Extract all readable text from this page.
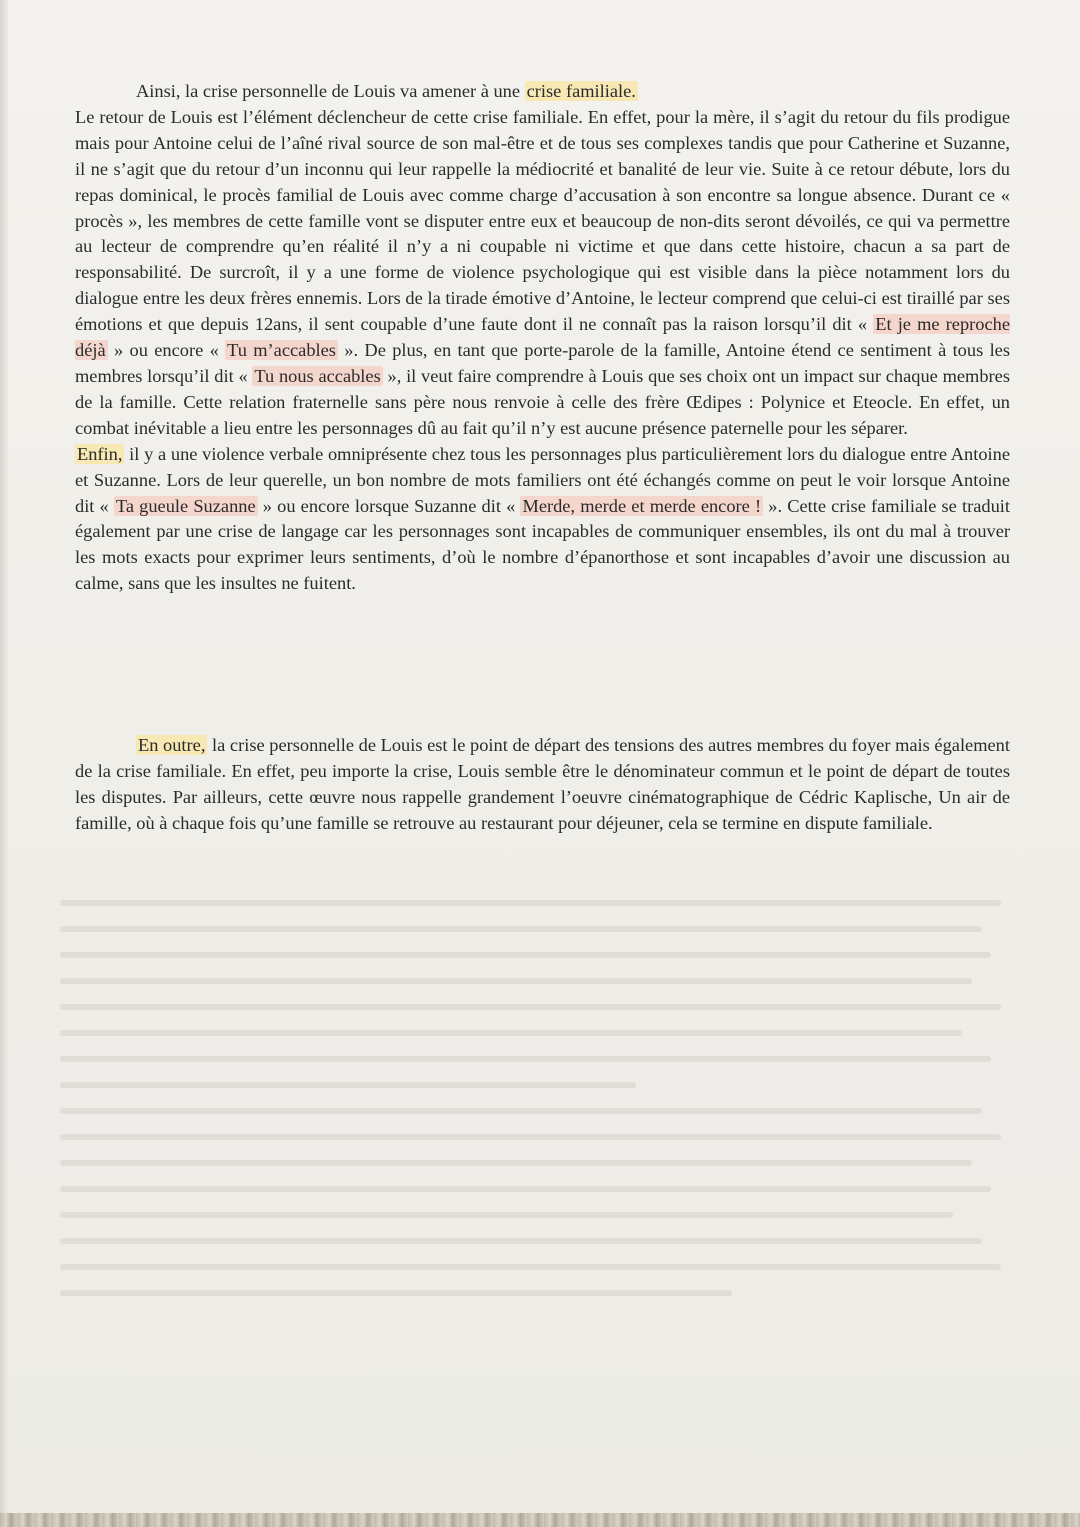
Ainsi, la crise personnelle de Louis va amener à une crise familiale.

Le retour de Louis est l’élément déclencheur de cette crise familiale. En effet, pour la mère, il s’agit du retour du fils prodigue mais pour Antoine celui de l’aîné rival source de son mal-être et de tous ses complexes tandis que pour Catherine et Suzanne, il ne s’agit que du retour d’un inconnu qui leur rappelle la médiocrité et banalité de leur vie. Suite à ce retour débute, lors du repas dominical, le procès familial de Louis avec comme charge d’accusation à son encontre sa longue absence. Durant ce « procès », les membres de cette famille vont se disputer entre eux et beaucoup de non-dits seront dévoilés, ce qui va permettre au lecteur de comprendre qu’en réalité il n’y a ni coupable ni victime et que dans cette histoire, chacun a sa part de responsabilité. De surcroît, il y a une forme de violence psychologique qui est visible dans la pièce notamment lors du dialogue entre les deux frères ennemis. Lors de la tirade émotive d’Antoine, le lecteur comprend que celui-ci est tiraillé par ses émotions et que depuis 12ans, il sent coupable d’une faute dont il ne connaît pas la raison lorsqu’il dit « Et je me reproche déjà » ou encore « Tu m’accables ». De plus, en tant que porte-parole de la famille, Antoine étend ce sentiment à tous les membres lorsqu’il dit « Tu nous accables », il veut faire comprendre à Louis que ses choix ont un impact sur chaque membres de la famille. Cette relation fraternelle sans père nous renvoie à celle des frère Œdipes : Polynice et Eteocle. En effet, un combat inévitable a lieu entre les personnages dû au fait qu’il n’y est aucune présence paternelle pour les séparer.

Enfin, il y a une violence verbale omniprésente chez tous les personnages plus particulièrement lors du dialogue entre Antoine et Suzanne. Lors de leur querelle, un bon nombre de mots familiers ont été échangés comme on peut le voir lorsque Antoine dit « Ta gueule Suzanne » ou encore lorsque Suzanne dit « Merde, merde et merde encore ! ». Cette crise familiale se traduit également par une crise de langage car les personnages sont incapables de communiquer ensembles, ils ont du mal à trouver les mots exacts pour exprimer leurs sentiments, d’où le nombre d’épanorthose et sont incapables d’avoir une discussion au calme, sans que les insultes ne fuitent.

En outre, la crise personnelle de Louis est le point de départ des tensions des autres membres du foyer mais également de la crise familiale. En effet, peu importe la crise, Louis semble être le dénominateur commun et le point de départ de toutes les disputes. Par ailleurs, cette œuvre nous rappelle grandement l’oeuvre cinématographique de Cédric Kaplische, Un air de famille, où à chaque fois qu’une famille se retrouve au restaurant pour déjeuner, cela se termine en dispute familiale.
